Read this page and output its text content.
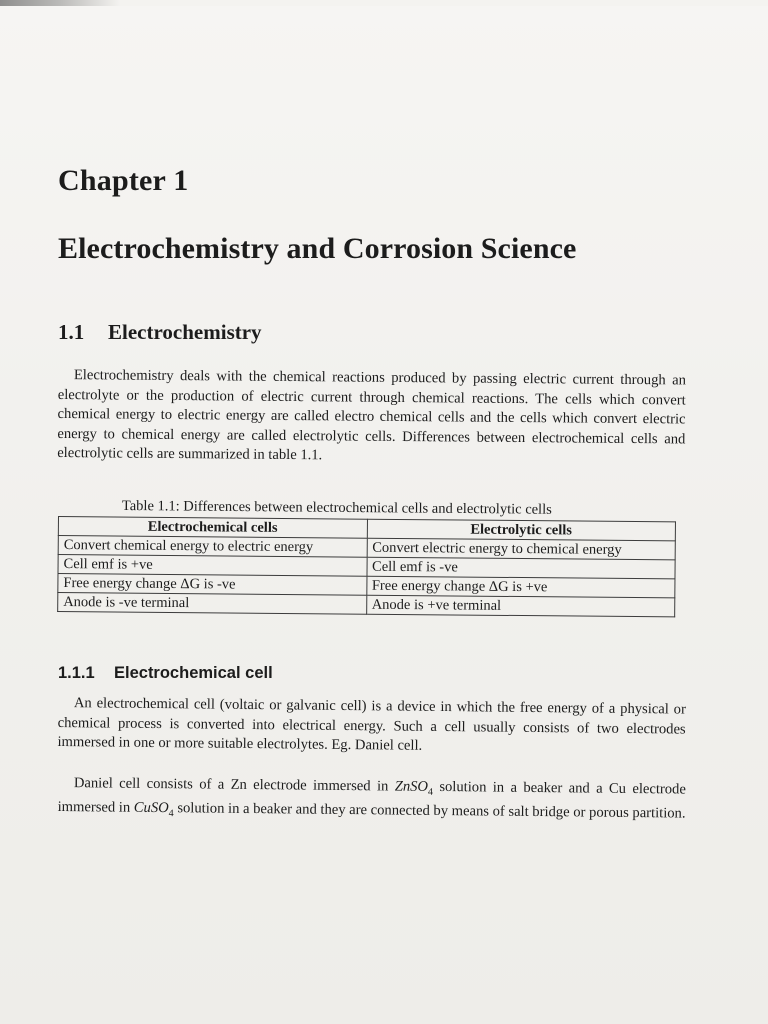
Chapter 1
Electrochemistry and Corrosion Science
1.1 Electrochemistry
Electrochemistry deals with the chemical reactions produced by passing electric current through an electrolyte or the production of electric current through chemical reactions. The cells which convert chemical energy to electric energy are called electro chemical cells and the cells which convert electric energy to chemical energy are called electrolytic cells. Differences between electrochemical cells and electrolytic cells are summarized in table 1.1.
Table 1.1: Differences between electrochemical cells and electrolytic cells
Electrochemical cells	Electrolytic cells
Convert chemical energy to electric energy	Convert electric energy to chemical energy
Cell emf is +ve	Cell emf is -ve
Free energy change ΔG is -ve	Free energy change ΔG is +ve
Anode is -ve terminal	Anode is +ve terminal
1.1.1 Electrochemical cell
An electrochemical cell (voltaic or galvanic cell) is a device in which the free energy of a physical or chemical process is converted into electrical energy. Such a cell usually consists of two electrodes immersed in one or more suitable electrolytes. Eg. Daniel cell.
Daniel cell consists of a Zn electrode immersed in ZnSO$_4$ solution in a beaker and a Cu electrode immersed in CuSO$_4$ solution in a beaker and they are connected by means of salt bridge or porous partition.
